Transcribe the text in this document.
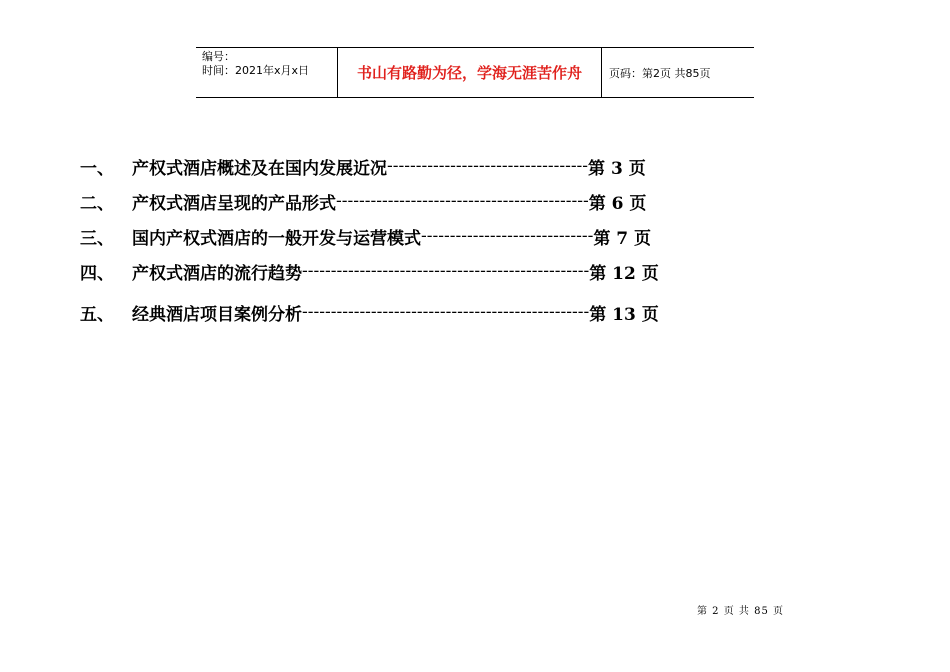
编号：
时间：2021年x月x日	书山有路勤为径，学海无涯苦作舟	页码：第2页 共85页
一、	产权式酒店概述及在国内发展近况 ----------------------------------- 第 3 页
二、	产权式酒店呈现的产品形式 -------------------------------------------- 第 6 页
三、	国内产权式酒店的一般开发与运营模式 ------------------------------ 第 7 页
四、	产权式酒店的流行趋势 -------------------------------------------------- 第 12 页
五、	经典酒店项目案例分析 -------------------------------------------------- 第 13 页
第 2 页 共 85 页
